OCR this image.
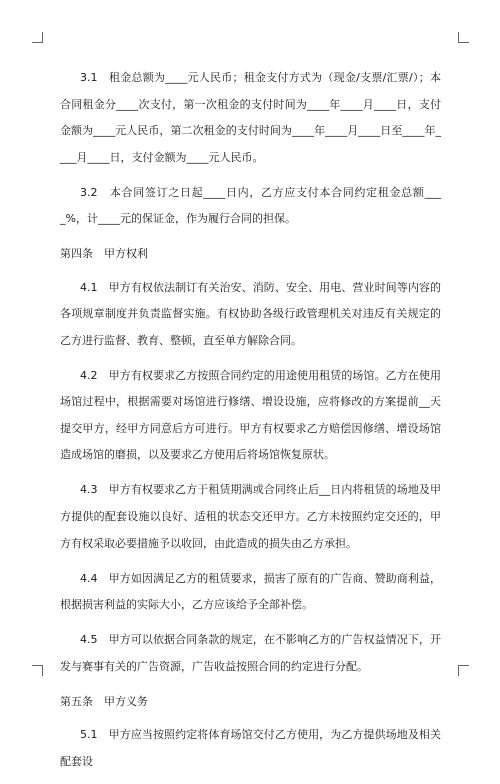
3.1　租金总额为____元人民币；租金支付方式为（现金/支票/汇票/）；本合同租金分____次支付，第一次租金的支付时间为____年____月____日，支付金额为____元人民币，第二次租金的支付时间为____年____月____日至____年____月____日，支付金额为____元人民币。

3.2　本合同签订之日起____日内，乙方应支付本合同约定租金总额____%，计____元的保证金，作为履行合同的担保。

第四条　甲方权利

4.1　甲方有权依法制订有关治安、消防、安全、用电、营业时间等内容的各项规章制度并负责监督实施。有权协助各级行政管理机关对违反有关规定的乙方进行监督、教育、整顿，直至单方解除合同。

4.2　甲方有权要求乙方按照合同约定的用途使用租赁的场馆。乙方在使用场馆过程中，根据需要对场馆进行修缮、增设设施，应将修改的方案提前__天提交甲方，经甲方同意后方可进行。甲方有权要求乙方赔偿因修缮、增设场馆造成场馆的磨损，以及要求乙方使用后将场馆恢复原状。

4.3　甲方有权要求乙方于租赁期满或合同终止后__日内将租赁的场地及甲方提供的配套设施以良好、适租的状态交还甲方。乙方未按照约定交还的，甲方有权采取必要措施予以收回，由此造成的损失由乙方承担。

4.4　甲方如因满足乙方的租赁要求，损害了原有的广告商、赞助商利益，根据损害利益的实际大小，乙方应该给予全部补偿。

4.5　甲方可以依据合同条款的规定，在不影响乙方的广告权益情况下，开发与赛事有关的广告资源，广告收益按照合同的约定进行分配。

第五条　甲方义务

5.1　甲方应当按照约定将体育场馆交付乙方使用，为乙方提供场地及相关配套设
